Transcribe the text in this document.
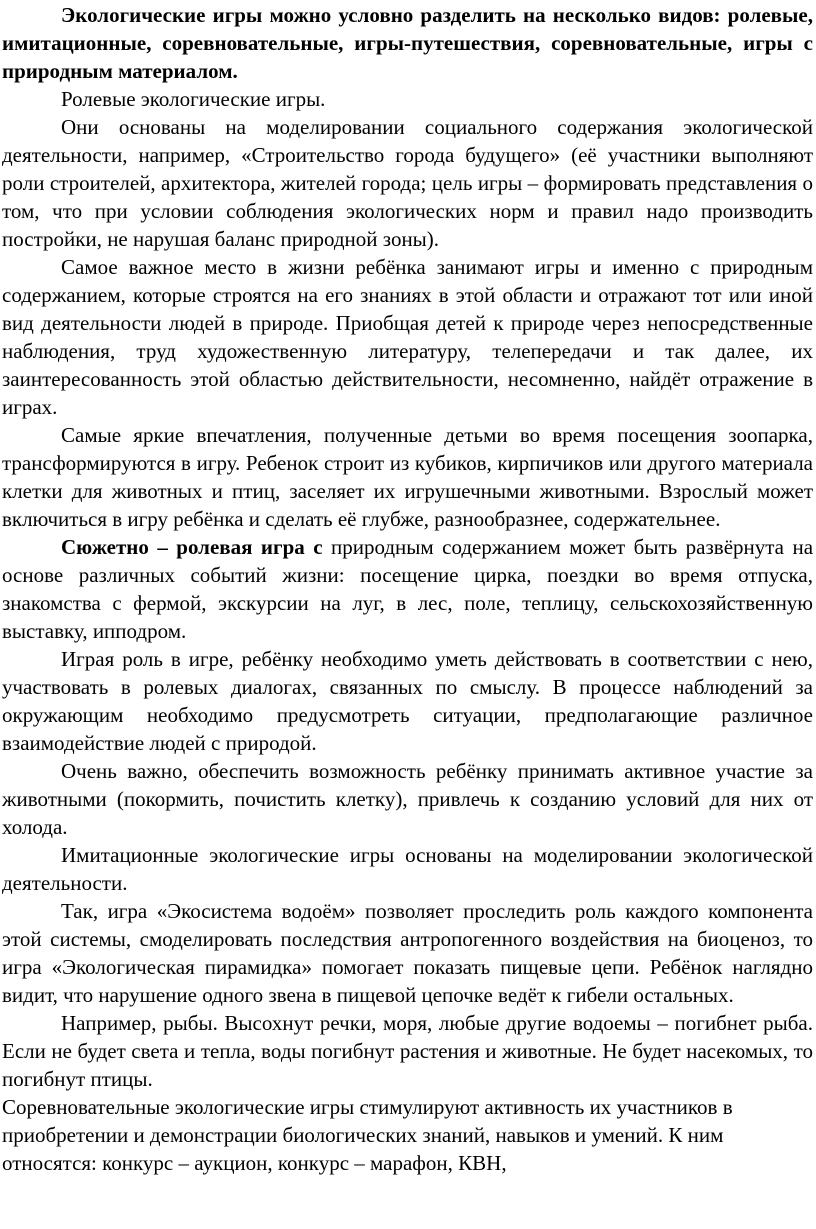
Экологические игры можно условно разделить на несколько видов: ролевые, имитационные, соревновательные, игры-путешествия, соревновательные, игры с природным материалом.

Ролевые экологические игры.

Они основаны на моделировании социального содержания экологической деятельности, например, «Строительство города будущего» (её участники выполняют роли строителей, архитектора, жителей города; цель игры – формировать представления о том, что при условии соблюдения экологических норм и правил надо производить постройки, не нарушая баланс природной зоны).

Самое важное место в жизни ребёнка занимают игры и именно с природным содержанием, которые строятся на его знаниях в этой области и отражают тот или иной вид деятельности людей в природе. Приобщая детей к природе через непосредственные наблюдения, труд художественную литературу, телепередачи и так далее, их заинтересованность этой областью действительности, несомненно, найдёт отражение в играх.

Самые яркие впечатления, полученные детьми во время посещения зоопарка, трансформируются в игру. Ребенок строит из кубиков, кирпичиков или другого материала клетки для животных и птиц, заселяет их игрушечными животными. Взрослый может включиться в игру ребёнка и сделать её глубже, разнообразнее, содержательнее.

Сюжетно – ролевая игра с природным содержанием может быть развёрнута на основе различных событий жизни: посещение цирка, поездки во время отпуска, знакомства с фермой, экскурсии на луг, в лес, поле, теплицу, сельскохозяйственную выставку, ипподром.

Играя роль в игре, ребёнку необходимо уметь действовать в соответствии с нею, участвовать в ролевых диалогах, связанных по смыслу. В процессе наблюдений за окружающим необходимо предусмотреть ситуации, предполагающие различное взаимодействие людей с природой.

Очень важно, обеспечить возможность ребёнку принимать активное участие за животными (покормить, почистить клетку), привлечь к созданию условий для них от холода.

Имитационные экологические игры основаны на моделировании экологической деятельности.

Так, игра «Экосистема водоём» позволяет проследить роль каждого компонента этой системы, смоделировать последствия антропогенного воздействия на биоценоз, то игра «Экологическая пирамидка» помогает показать пищевые цепи. Ребёнок наглядно видит, что нарушение одного звена в пищевой цепочке ведёт к гибели остальных.

Например, рыбы. Высохнут речки, моря, любые другие водоемы – погибнет рыба. Если не будет света и тепла, воды погибнут растения и животные. Не будет насекомых, то погибнут птицы.

Соревновательные экологические игры стимулируют активность их участников в приобретении и демонстрации биологических знаний, навыков и умений. К ним относятся: конкурс – аукцион, конкурс – марафон, КВН,
